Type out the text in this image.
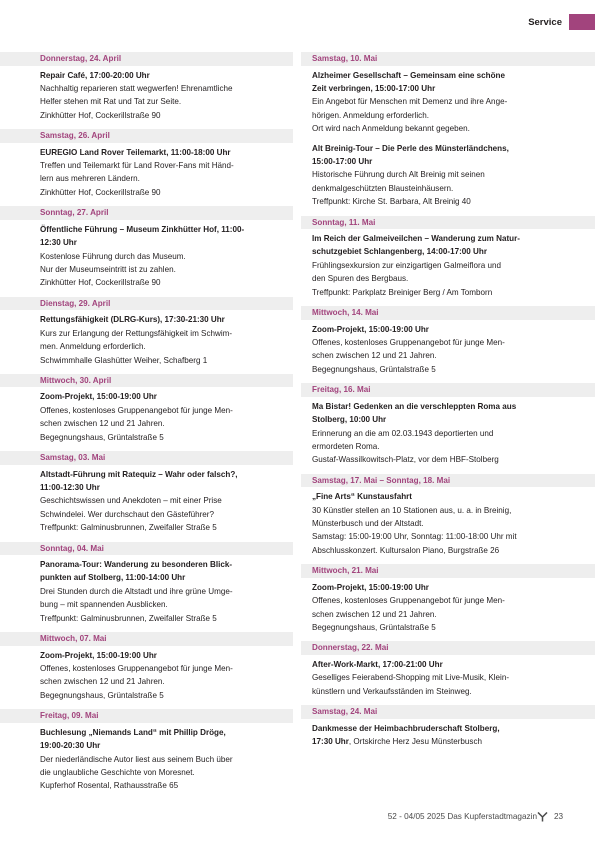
Service
Donnerstag, 24. April
Repair Café, 17:00-20:00 Uhr
Nachhaltig reparieren statt wegwerfen! Ehrenamtliche
Helfer stehen mit Rat und Tat zur Seite.
Zinkhütter Hof, Cockerillstraße 90
Samstag, 26. April
EUREGIO Land Rover Teilemarkt, 11:00-18:00 Uhr
Treffen und Teilemarkt für Land Rover-Fans mit Händ-
lern aus mehreren Ländern.
Zinkhütter Hof, Cockerillstraße 90
Sonntag, 27. April
Öffentliche Führung – Museum Zinkhütter Hof, 11:00-
12:30 Uhr
Kostenlose Führung durch das Museum.
Nur der Museumseintritt ist zu zahlen.
Zinkhütter Hof, Cockerillstraße 90
Dienstag, 29. April
Rettungsfähigkeit (DLRG-Kurs), 17:30-21:30 Uhr
Kurs zur Erlangung der Rettungsfähigkeit im Schwim-
men. Anmeldung erforderlich.
Schwimmhalle Glashütter Weiher, Schafberg 1
Mittwoch, 30. April
Zoom-Projekt, 15:00-19:00 Uhr
Offenes, kostenloses Gruppenangebot für junge Men-
schen zwischen 12 und 21 Jahren.
Begegnungshaus, Grüntalstraße 5
Samstag, 03. Mai
Altstadt-Führung mit Ratequiz – Wahr oder falsch?,
11:00-12:30 Uhr
Geschichtswissen und Anekdoten – mit einer Prise
Schwindelei. Wer durchschaut den Gästeführer?
Treffpunkt: Galminusbrunnen, Zweifaller Straße 5
Sonntag, 04. Mai
Panorama-Tour: Wanderung zu besonderen Blick-
punkten auf Stolberg, 11:00-14:00 Uhr
Drei Stunden durch die Altstadt und ihre grüne Umge-
bung – mit spannenden Ausblicken.
Treffpunkt: Galminusbrunnen, Zweifaller Straße 5
Mittwoch, 07. Mai
Zoom-Projekt, 15:00-19:00 Uhr
Offenes, kostenloses Gruppenangebot für junge Men-
schen zwischen 12 und 21 Jahren.
Begegnungshaus, Grüntalstraße 5
Freitag, 09. Mai
Buchlesung „Niemands Land“ mit Phillip Dröge,
19:00-20:30 Uhr
Der niederländische Autor liest aus seinem Buch über
die unglaubliche Geschichte von Moresnet.
Kupferhof Rosental, Rathausstraße 65
Samstag, 10. Mai
Alzheimer Gesellschaft – Gemeinsam eine schöne
Zeit verbringen, 15:00-17:00 Uhr
Ein Angebot für Menschen mit Demenz und ihre Ange-
hörigen. Anmeldung erforderlich.
Ort wird nach Anmeldung bekannt gegeben.
Alt Breinig-Tour – Die Perle des Münsterländchens,
15:00-17:00 Uhr
Historische Führung durch Alt Breinig mit seinen
denkmalgeschützten Blausteinhäusern.
Treffpunkt: Kirche St. Barbara, Alt Breinig 40
Sonntag, 11. Mai
Im Reich der Galmeiveilchen – Wanderung zum Natur-
schutzgebiet Schlangenberg, 14:00-17:00 Uhr
Frühlingsexkursion zur einzigartigen Galmeiflora und
den Spuren des Bergbaus.
Treffpunkt: Parkplatz Breiniger Berg / Am Tomborn
Mittwoch, 14. Mai
Zoom-Projekt, 15:00-19:00 Uhr
Offenes, kostenloses Gruppenangebot für junge Men-
schen zwischen 12 und 21 Jahren.
Begegnungshaus, Grüntalstraße 5
Freitag, 16. Mai
Ma Bistar! Gedenken an die verschleppten Roma aus
Stolberg, 10:00 Uhr
Erinnerung an die am 02.03.1943 deportierten und
ermordeten Roma.
Gustaf-Wassilkowitsch-Platz, vor dem HBF-Stolberg
Samstag, 17. Mai – Sonntag, 18. Mai
„Fine Arts“ Kunstausfahrt
30 Künstler stellen an 10 Stationen aus, u. a. in Breinig,
Münsterbusch und der Altstadt.
Samstag: 15:00-19:00 Uhr, Sonntag: 11:00-18:00 Uhr mit
Abschlusskonzert. Kultursalon Piano, Burgstraße 26
Mittwoch, 21. Mai
Zoom-Projekt, 15:00-19:00 Uhr
Offenes, kostenloses Gruppenangebot für junge Men-
schen zwischen 12 und 21 Jahren.
Begegnungshaus, Grüntalstraße 5
Donnerstag, 22. Mai
After-Work-Markt, 17:00-21:00 Uhr
Geselliges Feierabend-Shopping mit Live-Musik, Klein-
künstlern und Verkaufsständen im Steinweg.
Samstag, 24. Mai
Dankmesse der Heimbachbruderschaft Stolberg,
17:30 Uhr, Ortskirche Herz Jesu Münsterbusch
52 - 04/05 2025 Das Kupferstadtmagazin 23
